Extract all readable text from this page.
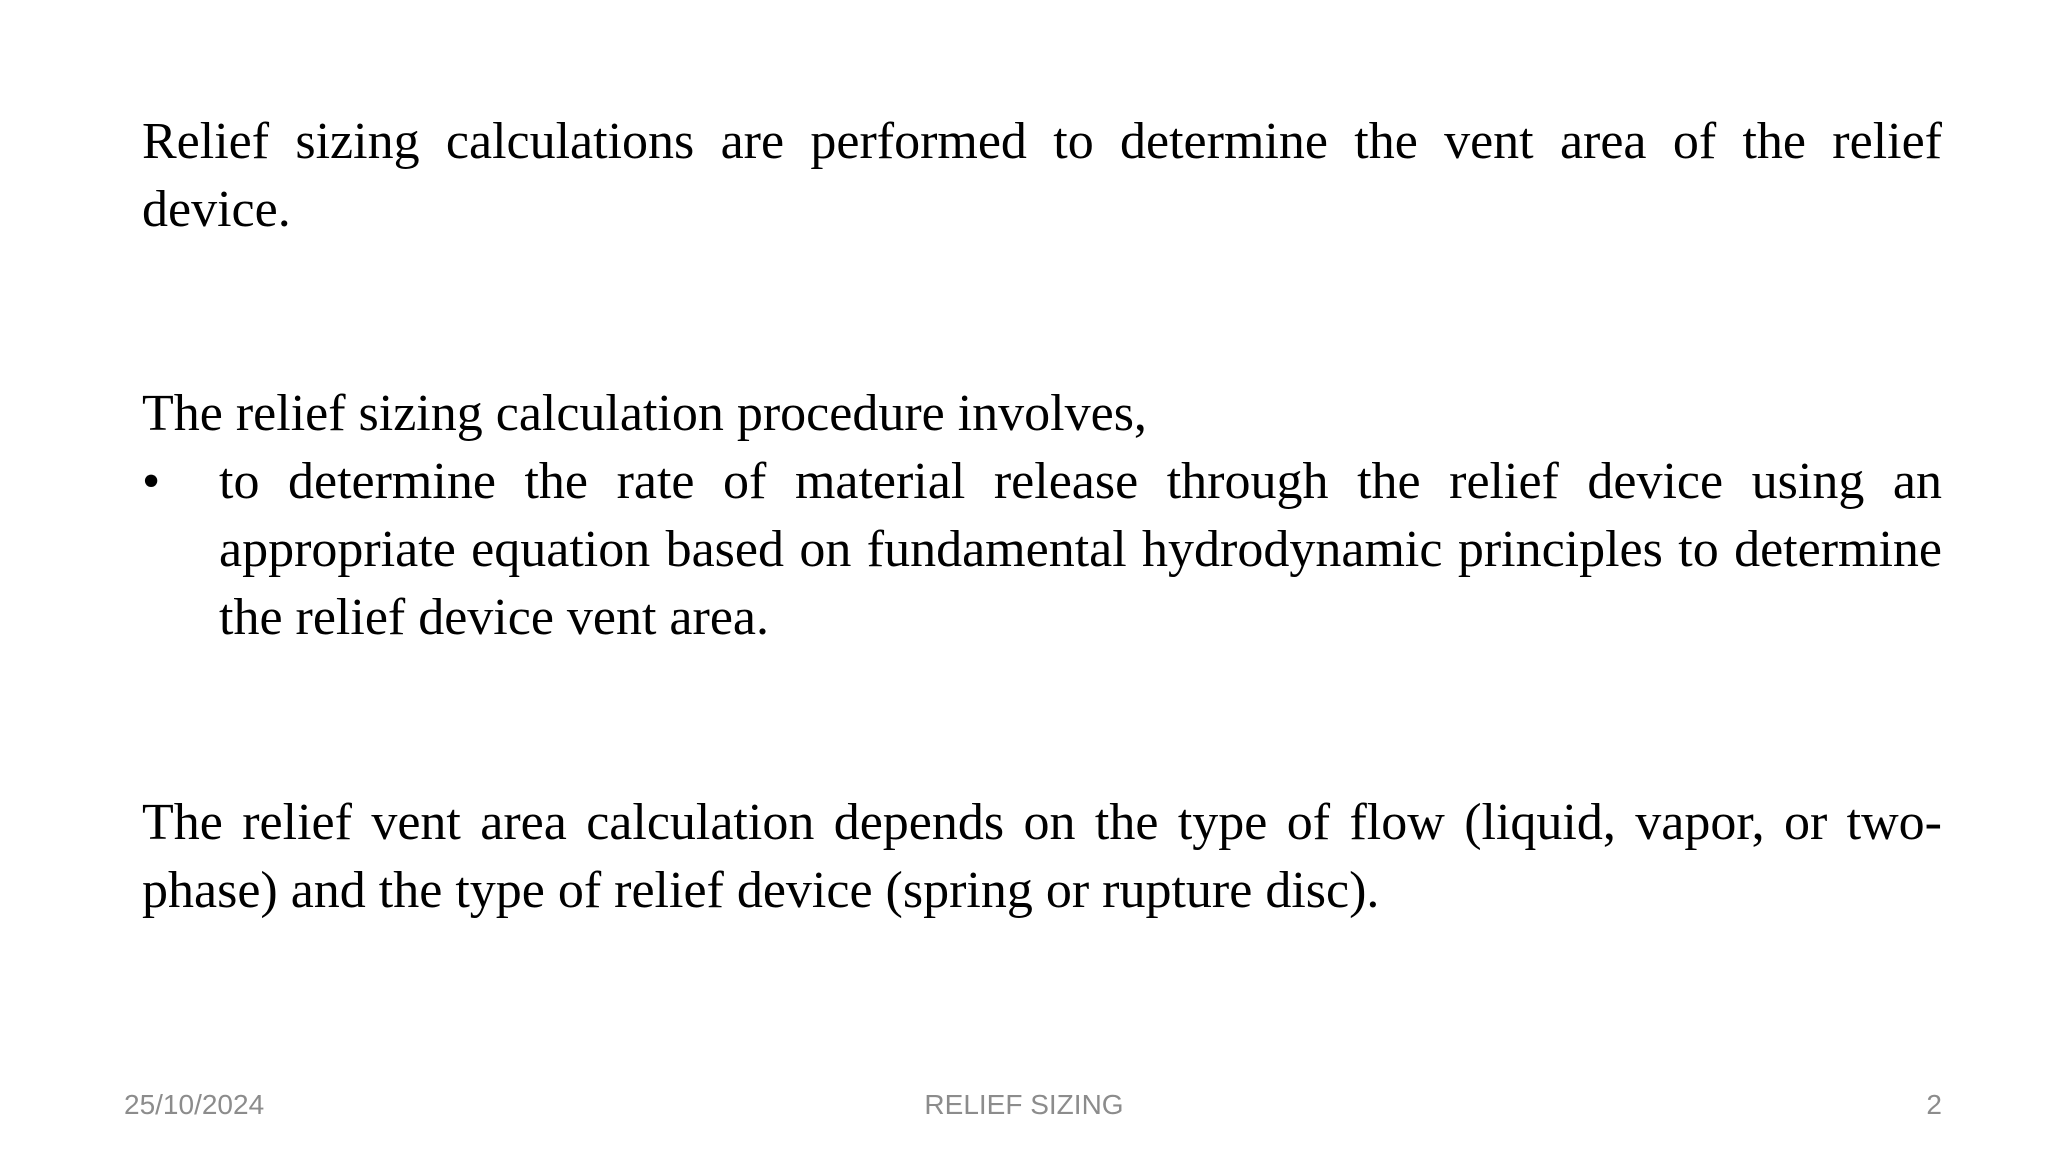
Relief sizing calculations are performed to determine the vent area of the relief device.

The relief sizing calculation procedure involves,

•	to determine the rate of material release through the relief device using an appropriate equation based on fundamental hydrodynamic principles to determine the relief device vent area.

The relief vent area calculation depends on the type of flow (liquid, vapor, or two-phase) and the type of relief device (spring or rupture disc).

25/10/2024	RELIEF SIZING	2
